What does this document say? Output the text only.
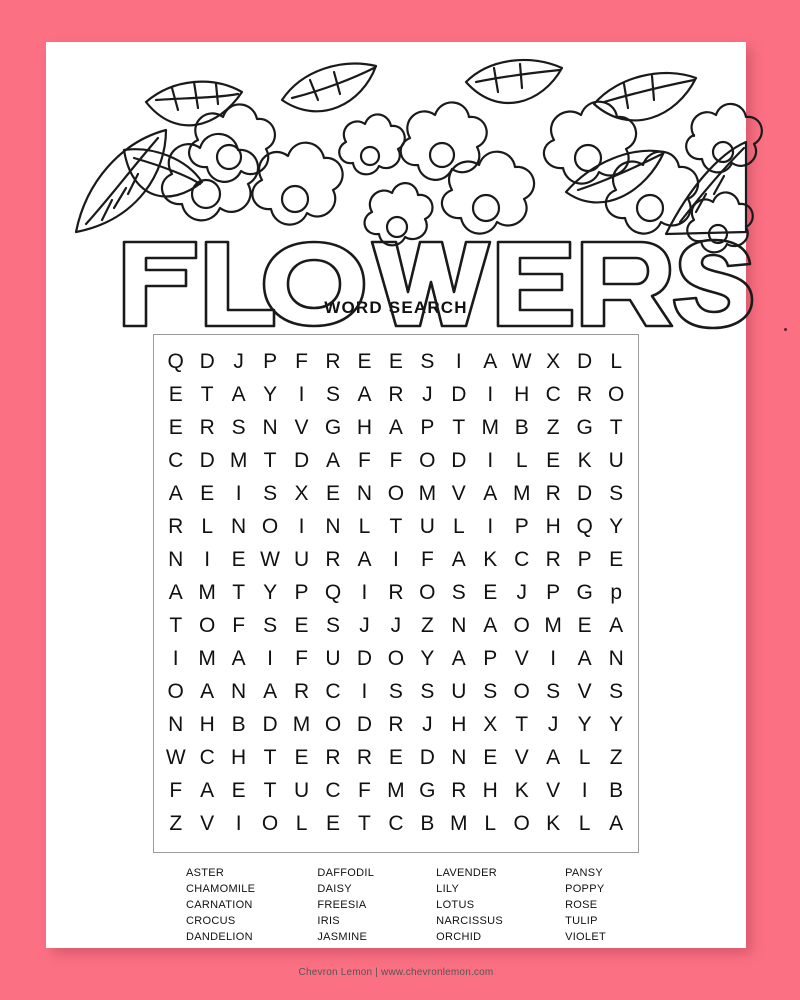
WORD SEARCH
Q	D	J	P	F	R	E	E	S	I	A	W	X	D	L
E	T	A	Y	I	S	A	R	J	D	I	H	C	R	O
E	R	S	N	V	G	H	A	P	T	M	B	Z	G	T
C	D	M	T	D	A	F	F	O	D	I	L	E	K	U
A	E	I	S	X	E	N	O	M	V	A	M	R	D	S
R	L	N	O	I	N	L	T	U	L	I	P	H	Q	Y
N	I	E	W	U	R	A	I	F	A	K	C	R	P	E
A	M	T	Y	P	Q	I	R	O	S	E	J	P	G	p
T	O	F	S	E	S	J	J	Z	N	A	O	M	E	A
I	M	A	I	F	U	D	O	Y	A	P	V	I	A	N
O	A	N	A	R	C	I	S	S	U	S	O	S	V	S
N	H	B	D	M	O	D	R	J	H	X	T	J	Y	Y
W	C	H	T	E	R	R	E	D	N	E	V	A	L	Z
F	A	E	T	U	C	F	M	G	R	H	K	V	I	B
Z	V	I	O	L	E	T	C	B	M	L	O	K	L	A
ASTER
CHAMOMILE
CARNATION
CROCUS
DANDELION
DAFFODIL
DAISY
FREESIA
IRIS
JASMINE
LAVENDER
LILY
LOTUS
NARCISSUS
ORCHID
PANSY
POPPY
ROSE
TULIP
VIOLET
Chevron Lemon | www.chevronlemon.com
